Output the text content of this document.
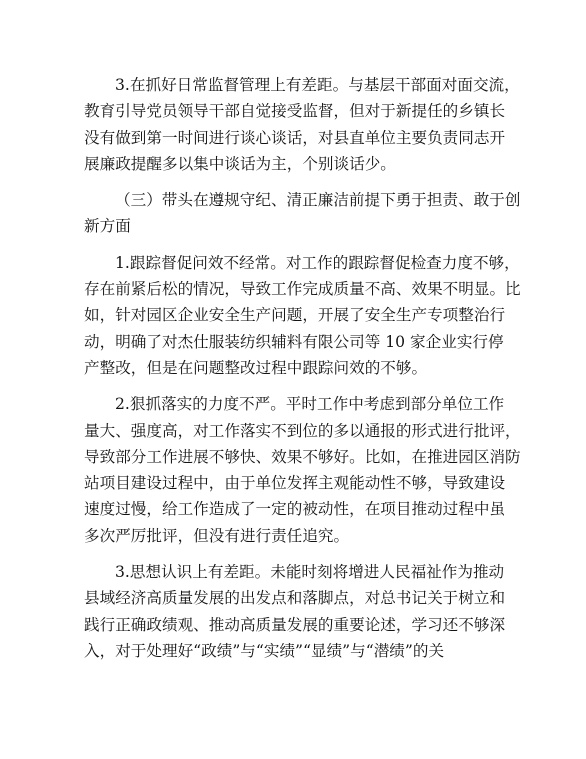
3.在抓好日常监督管理上有差距。与基层干部面对面交流，
教育引导党员领导干部自觉接受监督，但对于新提任的乡镇长
没有做到第一时间进行谈心谈话，对县直单位主要负责同志开
展廉政提醒多以集中谈话为主，个别谈话少。
（三）带头在遵规守纪、清正廉洁前提下勇于担责、敢于创
新方面
1.跟踪督促问效不经常。对工作的跟踪督促检查力度不够，
存在前紧后松的情况，导致工作完成质量不高、效果不明显。比
如，针对园区企业安全生产问题，开展了安全生产专项整治行
动，明确了对杰仕服装纺织辅料有限公司等 10 家企业实行停
产整改，但是在问题整改过程中跟踪问效的不够。
2.狠抓落实的力度不严。平时工作中考虑到部分单位工作
量大、强度高，对工作落实不到位的多以通报的形式进行批评，
导致部分工作进展不够快、效果不够好。比如，在推进园区消防
站项目建设过程中，由于单位发挥主观能动性不够，导致建设
速度过慢，给工作造成了一定的被动性，在项目推动过程中虽
多次严厉批评，但没有进行责任追究。
3.思想认识上有差距。未能时刻将增进人民福祉作为推动
县域经济高质量发展的出发点和落脚点，对总书记关于树立和
践行正确政绩观、推动高质量发展的重要论述，学习还不够深
入，对于处理好“政绩”与“实绩”“显绩”与“潜绩”的关
